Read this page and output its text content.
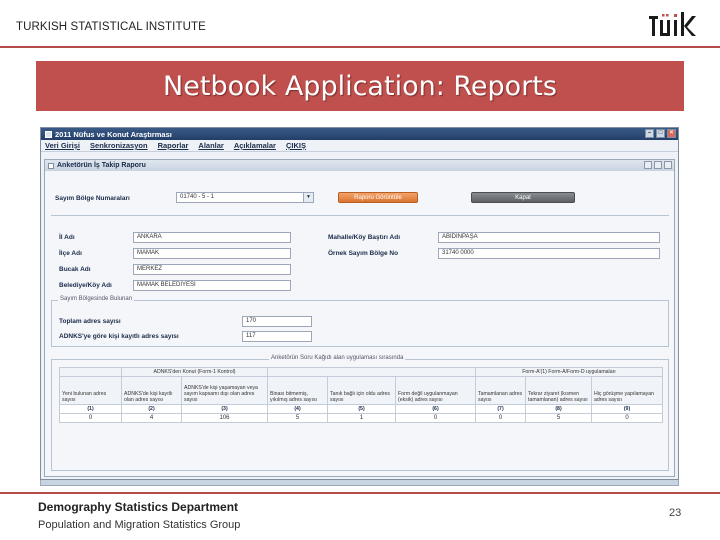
TURKISH STATISTICAL INSTITUTE
Netbook Application: Reports
2011 Nüfus ve Konut Araştırması	–	□	×
Veri Girişi Senkronizasyon Raporlar Alanlar Açıklamalar ÇIKIŞ
Anketörün İş Takip Raporu
Sayım Bölge Numaraları	01740 - 5 - 1	▼	Raporu Görüntüle	Kapat
İl Adı	ANKARA
İlçe Adı	MAMAK
Bucak Adı	MERKEZ
Belediye/Köy Adı	MAMAK BELEDİYESİ
Mahalle/Köy Baştırı Adı	ABİDİNPAŞA
Örnek Sayım Bölge No	31740 0000
Sayım Bölgesinde Bulunan
Toplam adres sayısı	170
ADNKS'ye göre kişi kayıtlı adres sayısı	117
Anketörün Soru Kağıdı alan uygulaması sırasında
	ADNKS'den Konut (Form-1 Kontrol)					Form-A'(1) Form-A/Form-D uygulamaları		
Yeni bulunan adres sayısı	ADNKS'de kişi kayıtlı olan adres sayısı	ADNKS'de kişi yaşamayan veya sayım kapsamı dışı olan adres sayısı	Binası bitmemiş, yıkılmış adres sayısı	Tanık bağlı için oldu adres sayısı	Form değil uygulanmayan (eksik) adres sayısı	Tamamlanan adres sayısı	Tekrar ziyaret (kısmen tamamlanan) adres sayısı	Hiç görüşme yapılamayan adres sayısı
(1)	(2)	(3)	(4)	(5)	(6)	(7)	(8)	(9)
0	4	106	5	1	0	0	5	0
Demography Statistics Department
Population and Migration Statistics Group
23
